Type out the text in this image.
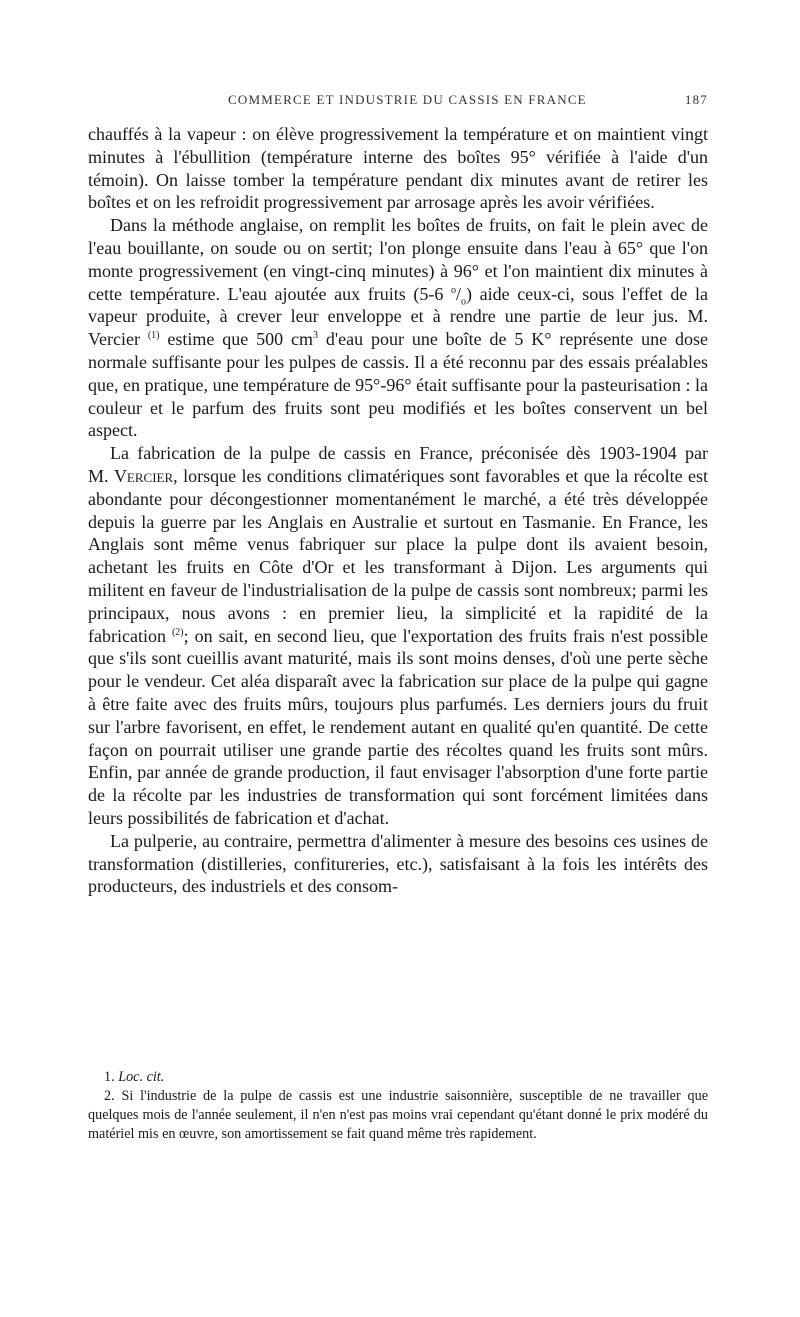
COMMERCE ET INDUSTRIE DU CASSIS EN FRANCE	187

chauffés à la vapeur : on élève progressivement la température et on maintient vingt minutes à l'ébullition (température interne des boîtes 95° vérifiée à l'aide d'un témoin). On laisse tomber la température pendant dix minutes avant de retirer les boîtes et on les refroidit progressivement par arrosage après les avoir vérifiées.

Dans la méthode anglaise, on remplit les boîtes de fruits, on fait le plein avec de l'eau bouillante, on soude ou on sertit; l'on plonge ensuite dans l'eau à 65° que l'on monte progressivement (en vingt-cinq minutes) à 96° et l'on maintient dix minutes à cette température. L'eau ajoutée aux fruits (5-6 $^o/_o$) aide ceux-ci, sous l'effet de la vapeur produite, à crever leur enveloppe et à rendre une partie de leur jus. M. Vercier $^{(1)}$ estime que 500 $cm^3$ d'eau pour une boîte de 5 K° représente une dose normale suffisante pour les pulpes de cassis. Il a été reconnu par des essais préalables que, en pratique, une température de 95°-96° était suffisante pour la pasteurisation : la couleur et le parfum des fruits sont peu modifiés et les boîtes conservent un bel aspect.

La fabrication de la pulpe de cassis en France, préconisée dès 1903-1904 par M. Vercier, lorsque les conditions climatériques sont favorables et que la récolte est abondante pour décongestionner momentanément le marché, a été très développée depuis la guerre par les Anglais en Australie et surtout en Tasmanie. En France, les Anglais sont même venus fabriquer sur place la pulpe dont ils avaient besoin, achetant les fruits en Côte d'Or et les transformant à Dijon. Les arguments qui militent en faveur de l'industrialisation de la pulpe de cassis sont nombreux; parmi les principaux, nous avons : en premier lieu, la simplicité et la rapidité de la fabrication $^{(2)}$; on sait, en second lieu, que l'exportation des fruits frais n'est possible que s'ils sont cueillis avant maturité, mais ils sont moins denses, d'où une perte sèche pour le vendeur. Cet aléa disparaît avec la fabrication sur place de la pulpe qui gagne à être faite avec des fruits mûrs, toujours plus parfumés. Les derniers jours du fruit sur l'arbre favorisent, en effet, le rendement autant en qualité qu'en quantité. De cette façon on pourrait utiliser une grande partie des récoltes quand les fruits sont mûrs. Enfin, par année de grande production, il faut envisager l'absorption d'une forte partie de la récolte par les industries de transformation qui sont forcément limitées dans leurs possibilités de fabrication et d'achat.

La pulperie, au contraire, permettra d'alimenter à mesure des besoins ces usines de transformation (distilleries, confitureries, etc.), satisfaisant à la fois les intérêts des producteurs, des industriels et des consom-

1. Loc. cit.

2. Si l'industrie de la pulpe de cassis est une industrie saisonnière, susceptible de ne travailler que quelques mois de l'année seulement, il n'en n'est pas moins vrai cependant qu'étant donné le prix modéré du matériel mis en œuvre, son amortissement se fait quand même très rapidement.
